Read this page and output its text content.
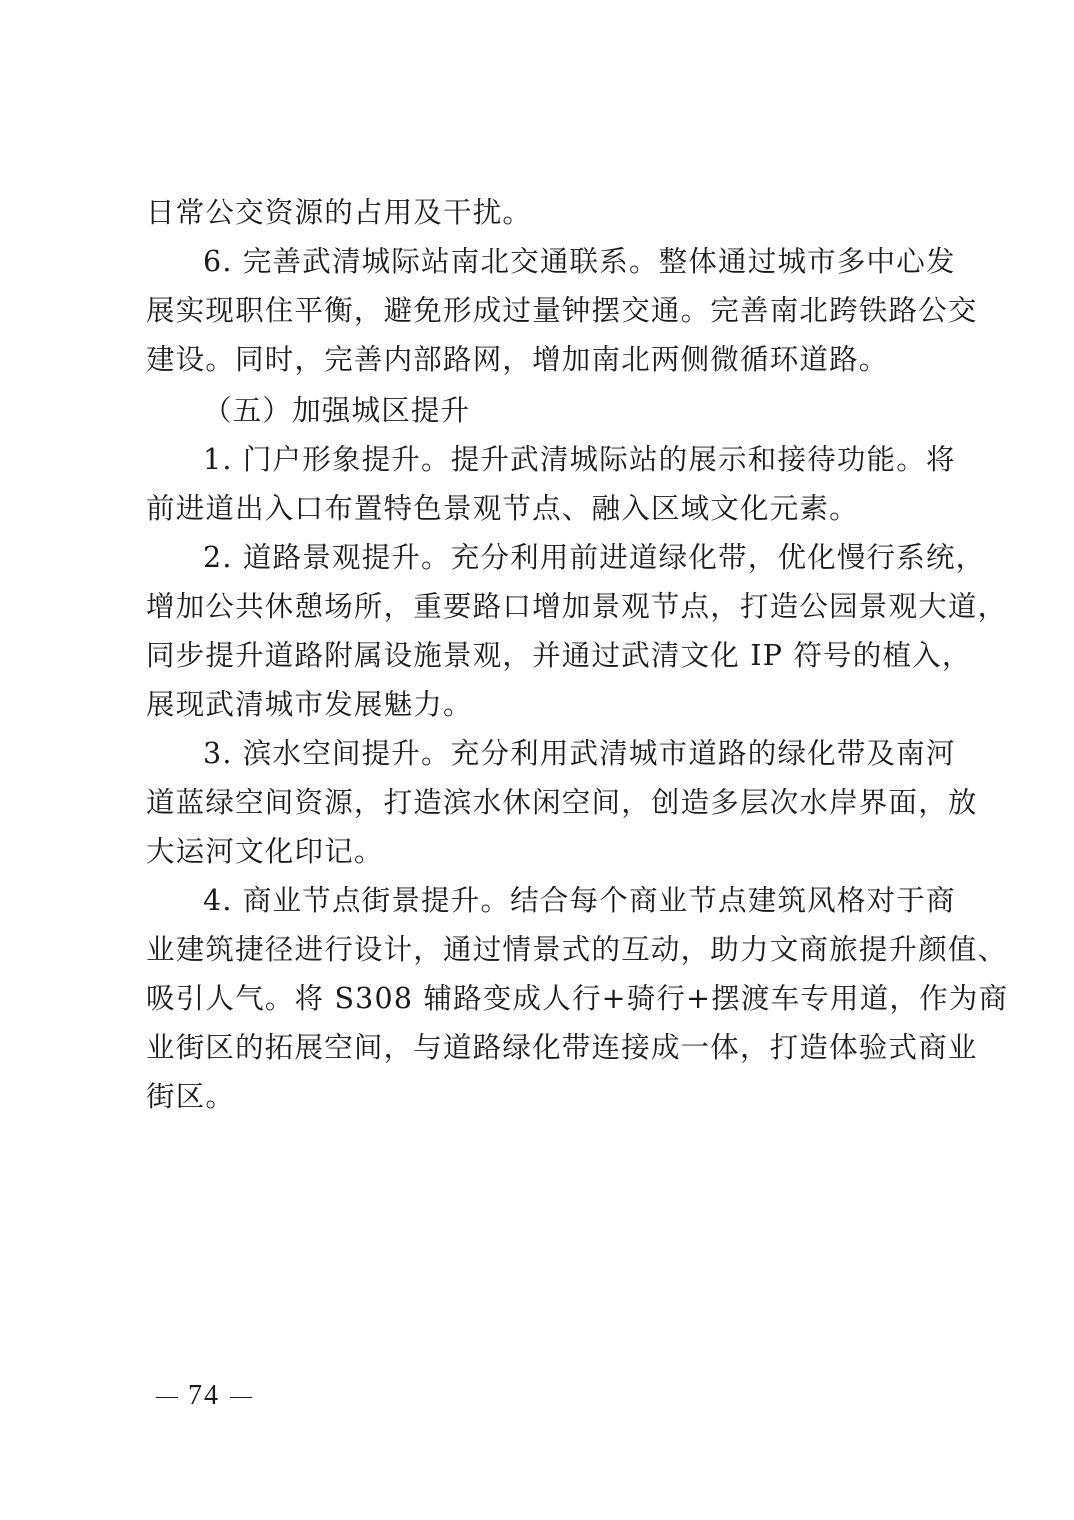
日常公交资源的占用及干扰。
6. 完善武清城际站南北交通联系。整体通过城市多中心发
展实现职住平衡，避免形成过量钟摆交通。完善南北跨铁路公交
建设。同时，完善内部路网，增加南北两侧微循环道路。
（五）加强城区提升
1. 门户形象提升。提升武清城际站的展示和接待功能。将
前进道出入口布置特色景观节点、融入区域文化元素。
2. 道路景观提升。充分利用前进道绿化带，优化慢行系统，
增加公共休憩场所，重要路口增加景观节点，打造公园景观大道，
同步提升道路附属设施景观，并通过武清文化 IP 符号的植入，
展现武清城市发展魅力。
3. 滨水空间提升。充分利用武清城市道路的绿化带及南河
道蓝绿空间资源，打造滨水休闲空间，创造多层次水岸界面，放
大运河文化印记。
4. 商业节点街景提升。结合每个商业节点建筑风格对于商
业建筑捷径进行设计，通过情景式的互动，助力文商旅提升颜值、
吸引人气。将 S308 辅路变成人行+骑行+摆渡车专用道，作为商
业街区的拓展空间，与道路绿化带连接成一体，打造体验式商业
街区。
74
